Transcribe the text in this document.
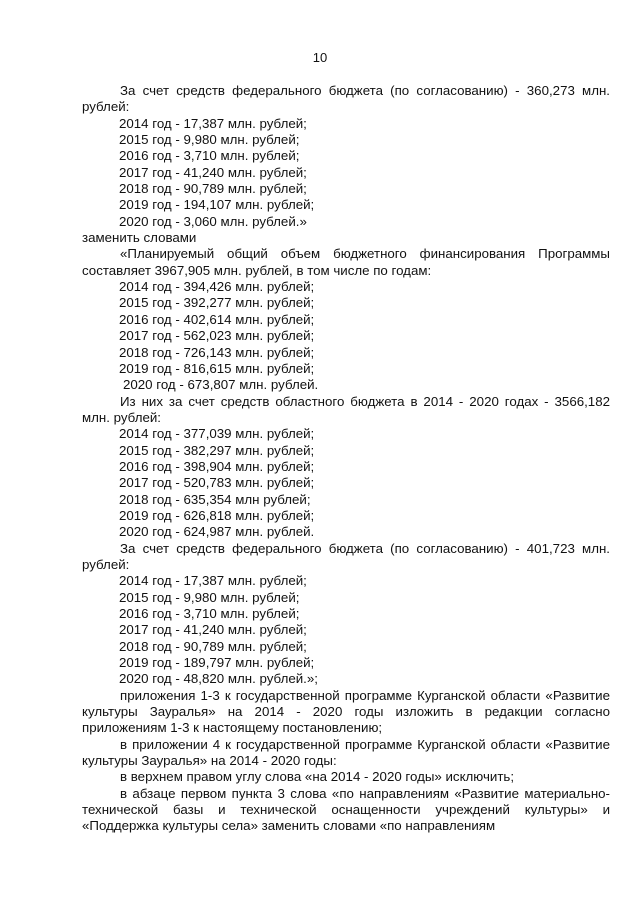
10

За счет средств федерального бюджета (по согласованию) - 360,273 млн. рублей:

2014 год - 17,387 млн. рублей;

2015 год - 9,980 млн. рублей;

2016 год - 3,710 млн. рублей;

2017 год - 41,240 млн. рублей;

2018 год - 90,789 млн. рублей;

2019 год - 194,107 млн. рублей;

2020 год - 3,060 млн. рублей.»

заменить словами

«Планируемый общий объем бюджетного финансирования Программы составляет 3967,905 млн. рублей, в том числе по годам:

2014 год - 394,426 млн. рублей;

2015 год - 392,277 млн. рублей;

2016 год - 402,614 млн. рублей;

2017 год - 562,023 млн. рублей;

2018 год - 726,143 млн. рублей;

2019 год - 816,615 млн. рублей;

2020 год - 673,807 млн. рублей.

Из них за счет средств областного бюджета в 2014 - 2020 годах - 3566,182 млн. рублей:

2014 год - 377,039 млн. рублей;

2015 год - 382,297 млн. рублей;

2016 год - 398,904 млн. рублей;

2017 год - 520,783 млн. рублей;

2018 год - 635,354 млн рублей;

2019 год - 626,818 млн. рублей;

2020 год - 624,987 млн. рублей.

За счет средств федерального бюджета (по согласованию) - 401,723 млн. рублей:

2014 год - 17,387 млн. рублей;

2015 год - 9,980 млн. рублей;

2016 год - 3,710 млн. рублей;

2017 год - 41,240 млн. рублей;

2018 год - 90,789 млн. рублей;

2019 год - 189,797 млн. рублей;

2020 год - 48,820 млн. рублей.»;

приложения 1-3 к государственной программе Курганской области «Развитие культуры Зауралья» на 2014 - 2020 годы изложить в редакции согласно приложениям 1-3 к настоящему постановлению;

в приложении 4 к государственной программе Курганской области «Развитие культуры Зауралья» на 2014 - 2020 годы:

в верхнем правом углу слова «на 2014 - 2020 годы» исключить;

в абзаце первом пункта 3 слова «по направлениям «Развитие материально-технической базы и технической оснащенности учреждений культуры» и «Поддержка культуры села» заменить словами «по направлениям
